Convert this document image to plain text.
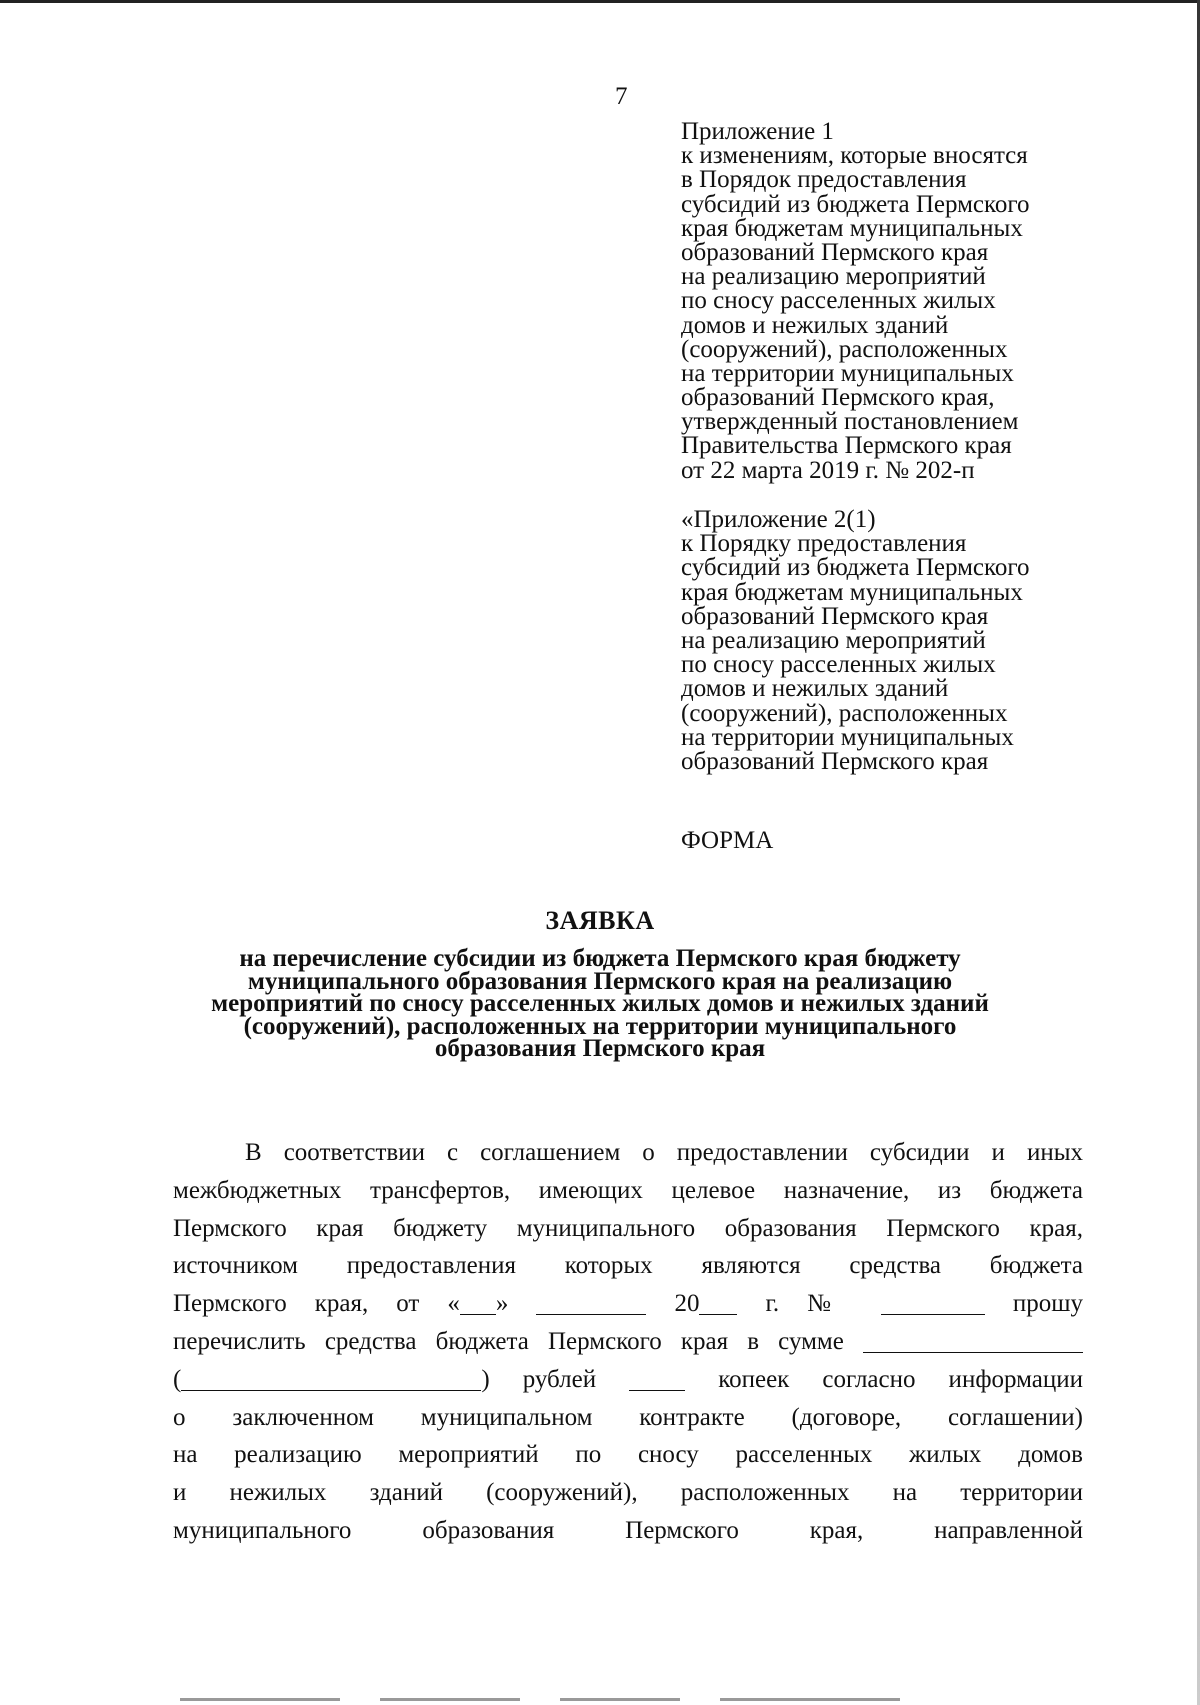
7
Приложение 1
к изменениям, которые вносятся
в Порядок предоставления
субсидий из бюджета Пермского
края бюджетам муниципальных
образований Пермского края
на реализацию мероприятий
по сносу расселенных жилых
домов и нежилых зданий
(сооружений), расположенных
на территории муниципальных
образований Пермского края,
утвержденный постановлением
Правительства Пермского края
от 22 марта 2019 г. № 202-п
«Приложение 2(1)
к Порядку предоставления
субсидий из бюджета Пермского
края бюджетам муниципальных
образований Пермского края
на реализацию мероприятий
по сносу расселенных жилых
домов и нежилых зданий
(сооружений), расположенных
на территории муниципальных
образований Пермского края
ФОРМА
ЗАЯВКА
на перечисление субсидии из бюджета Пермского края бюджету
муниципального образования Пермского края на реализацию
мероприятий по сносу расселенных жилых домов и нежилых зданий
(сооружений), расположенных на территории муниципального
образования Пермского края
В соответствии с соглашением о предоставлении субсидии и иных
межбюджетных трансфертов, имеющих целевое назначение, из бюджета
Пермского края бюджету муниципального образования Пермского края,
источником предоставления которых являются средства бюджета
Пермского края, от « »	20	г. №	прошу
перечислить средства бюджета Пермского края в сумме
(	) рублей	копеек согласно информации
о заключенном муниципальном контракте (договоре, соглашении)
на реализацию мероприятий по сносу расселенных жилых домов
и нежилых зданий (сооружений), расположенных на территории
муниципального образования Пермского края, направленной
